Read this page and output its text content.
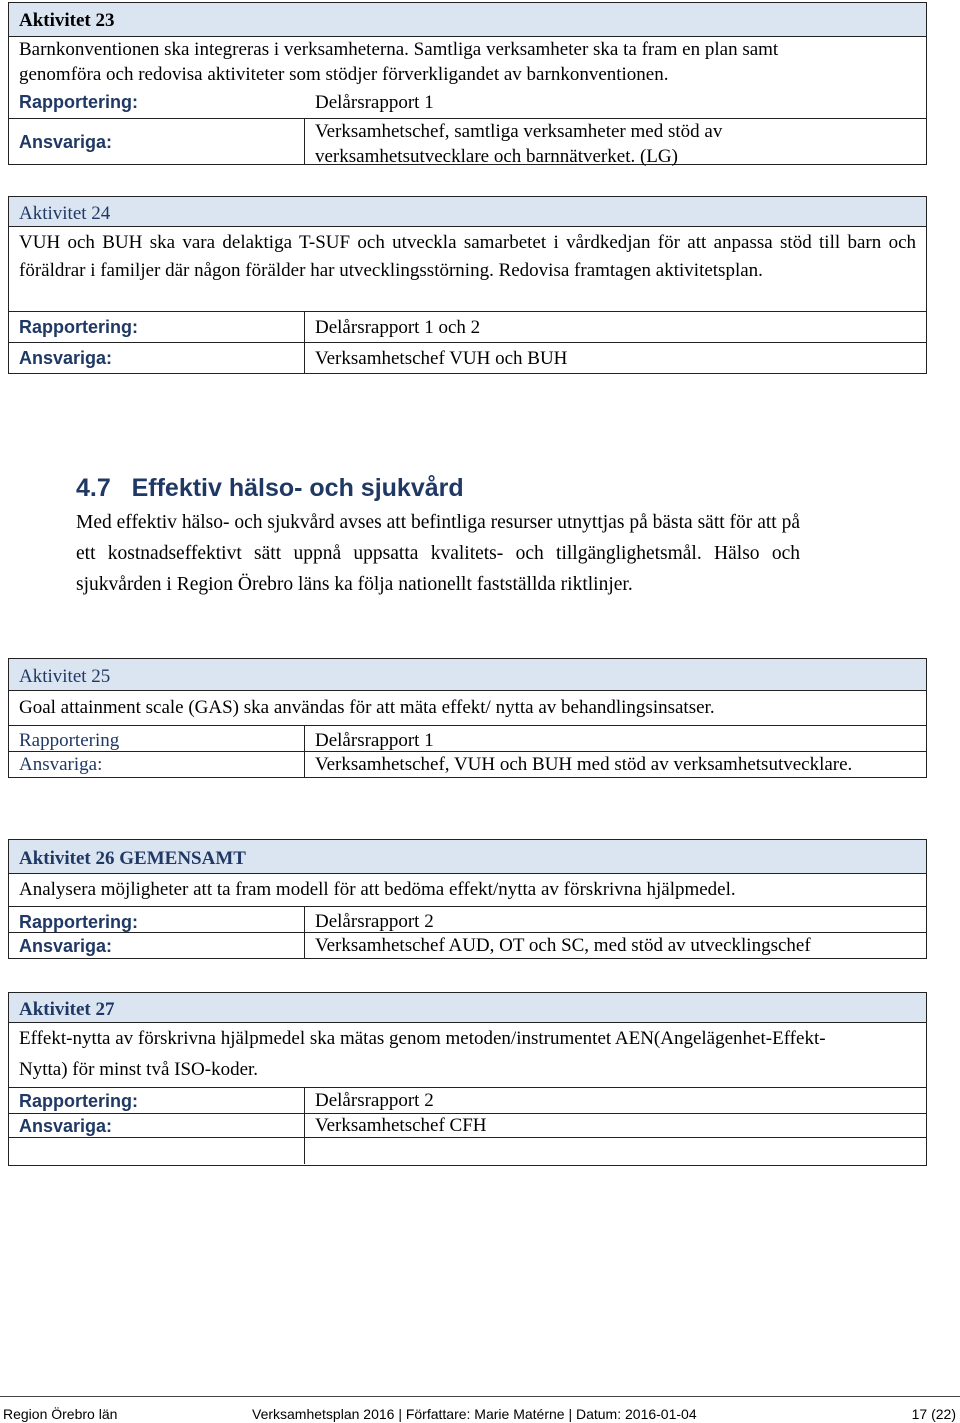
Aktivitet 23
Barnkonventionen ska integreras i verksamheterna. Samtliga verksamheter ska ta fram en plan samt
genomföra och redovisa aktiviteter som stödjer förverkligandet av barnkonventionen.
Rapportering:	Delårsrapport 1
Ansvariga:	Verksamhetschef, samtliga verksamheter med stöd av
verksamhetsutvecklare och barnnätverket. (LG)
Aktivitet 24
VUH och BUH ska vara delaktiga T-SUF och utveckla samarbetet i vårdkedjan för att anpassa stöd till barn och föräldrar i familjer där någon förälder har utvecklingsstörning. Redovisa framtagen aktivitetsplan.
Rapportering:	Delårsrapport 1 och 2
Ansvariga:	Verksamhetschef VUH och BUH
4.7   Effektiv hälso- och sjukvård
Med effektiv hälso- och sjukvård avses att befintliga resurser utnyttjas på bästa sätt för att på ett kostnadseffektivt sätt uppnå uppsatta kvalitets- och tillgänglighetsmål. Hälso och sjukvården i Region Örebro läns ka följa nationellt fastställda riktlinjer.
Aktivitet 25
Goal attainment scale (GAS) ska användas för att mäta effekt/ nytta av behandlingsinsatser.
Rapportering	Delårsrapport 1
Ansvariga:	Verksamhetschef, VUH och BUH med stöd av verksamhetsutvecklare.
Aktivitet 26 GEMENSAMT
Analysera möjligheter att ta fram modell för att bedöma effekt/nytta av förskrivna hjälpmedel.
Rapportering:	Delårsrapport 2
Ansvariga:	Verksamhetschef AUD, OT och SC, med stöd av utvecklingschef
Aktivitet 27
Effekt-nytta av förskrivna hjälpmedel ska mätas genom metoden/instrumentet AEN(Angelägenhet-Effekt-
Nytta) för minst två ISO-koder.
Rapportering:	Delårsrapport 2
Ansvariga:	Verksamhetschef CFH
Region Örebro län	Verksamhetsplan 2016 | Författare: Marie Matérne | Datum: 2016-01-04	17 (22)
